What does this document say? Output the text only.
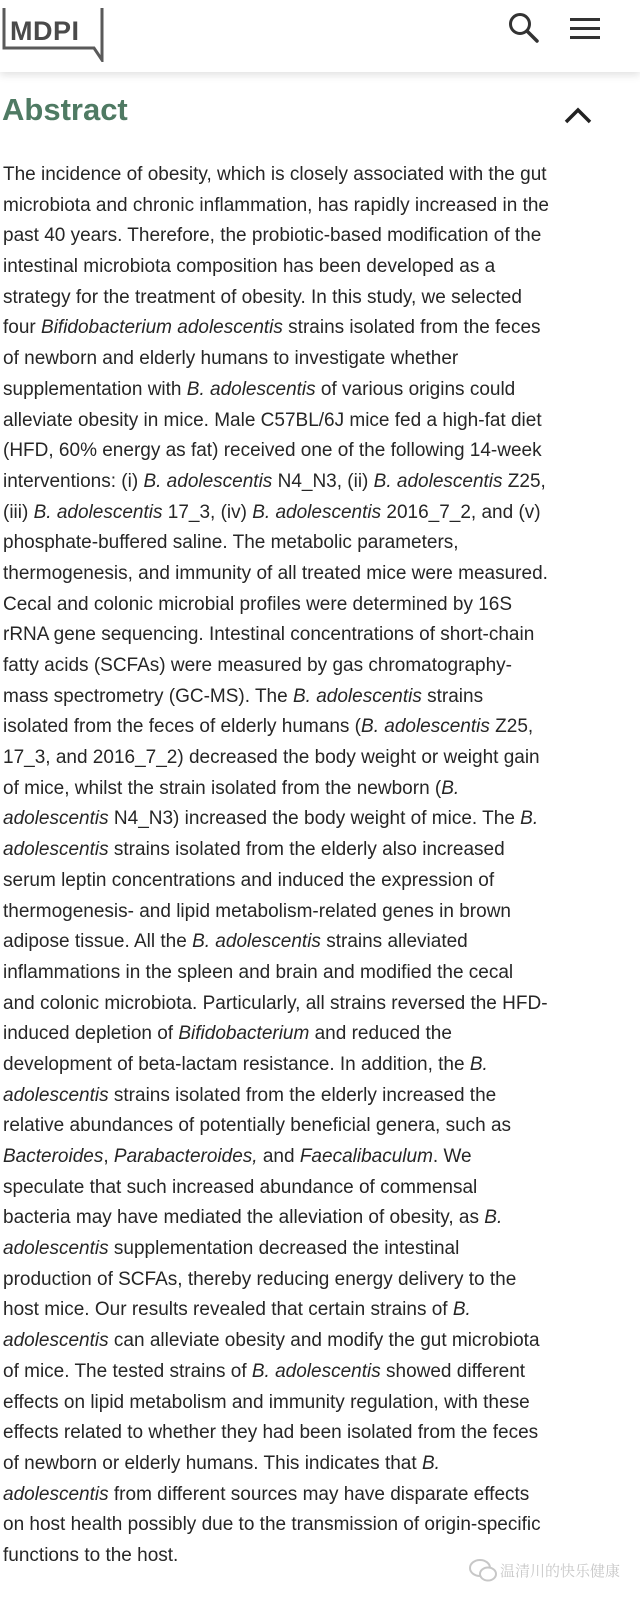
MDPI
Abstract
The incidence of obesity, which is closely associated with the gut
microbiota and chronic inflammation, has rapidly increased in the
past 40 years. Therefore, the probiotic-based modification of the
intestinal microbiota composition has been developed as a
strategy for the treatment of obesity. In this study, we selected
four Bifidobacterium adolescentis strains isolated from the feces
of newborn and elderly humans to investigate whether
supplementation with B. adolescentis of various origins could
alleviate obesity in mice. Male C57BL/6J mice fed a high-fat diet
(HFD, 60% energy as fat) received one of the following 14-week
interventions: (i) B. adolescentis N4_N3, (ii) B. adolescentis Z25,
(iii) B. adolescentis 17_3, (iv) B. adolescentis 2016_7_2, and (v)
phosphate-buffered saline. The metabolic parameters,
thermogenesis, and immunity of all treated mice were measured.
Cecal and colonic microbial profiles were determined by 16S
rRNA gene sequencing. Intestinal concentrations of short-chain
fatty acids (SCFAs) were measured by gas chromatography-
mass spectrometry (GC-MS). The B. adolescentis strains
isolated from the feces of elderly humans (B. adolescentis Z25,
17_3, and 2016_7_2) decreased the body weight or weight gain
of mice, whilst the strain isolated from the newborn (B.
adolescentis N4_N3) increased the body weight of mice. The B.
adolescentis strains isolated from the elderly also increased
serum leptin concentrations and induced the expression of
thermogenesis- and lipid metabolism-related genes in brown
adipose tissue. All the B. adolescentis strains alleviated
inflammations in the spleen and brain and modified the cecal
and colonic microbiota. Particularly, all strains reversed the HFD-
induced depletion of Bifidobacterium and reduced the
development of beta-lactam resistance. In addition, the B.
adolescentis strains isolated from the elderly increased the
relative abundances of potentially beneficial genera, such as
Bacteroides, Parabacteroides, and Faecalibaculum. We
speculate that such increased abundance of commensal
bacteria may have mediated the alleviation of obesity, as B.
adolescentis supplementation decreased the intestinal
production of SCFAs, thereby reducing energy delivery to the
host mice. Our results revealed that certain strains of B.
adolescentis can alleviate obesity and modify the gut microbiota
of mice. The tested strains of B. adolescentis showed different
effects on lipid metabolism and immunity regulation, with these
effects related to whether they had been isolated from the feces
of newborn or elderly humans. This indicates that B.
adolescentis from different sources may have disparate effects
on host health possibly due to the transmission of origin-specific
functions to the host.
温清川的快乐健康
